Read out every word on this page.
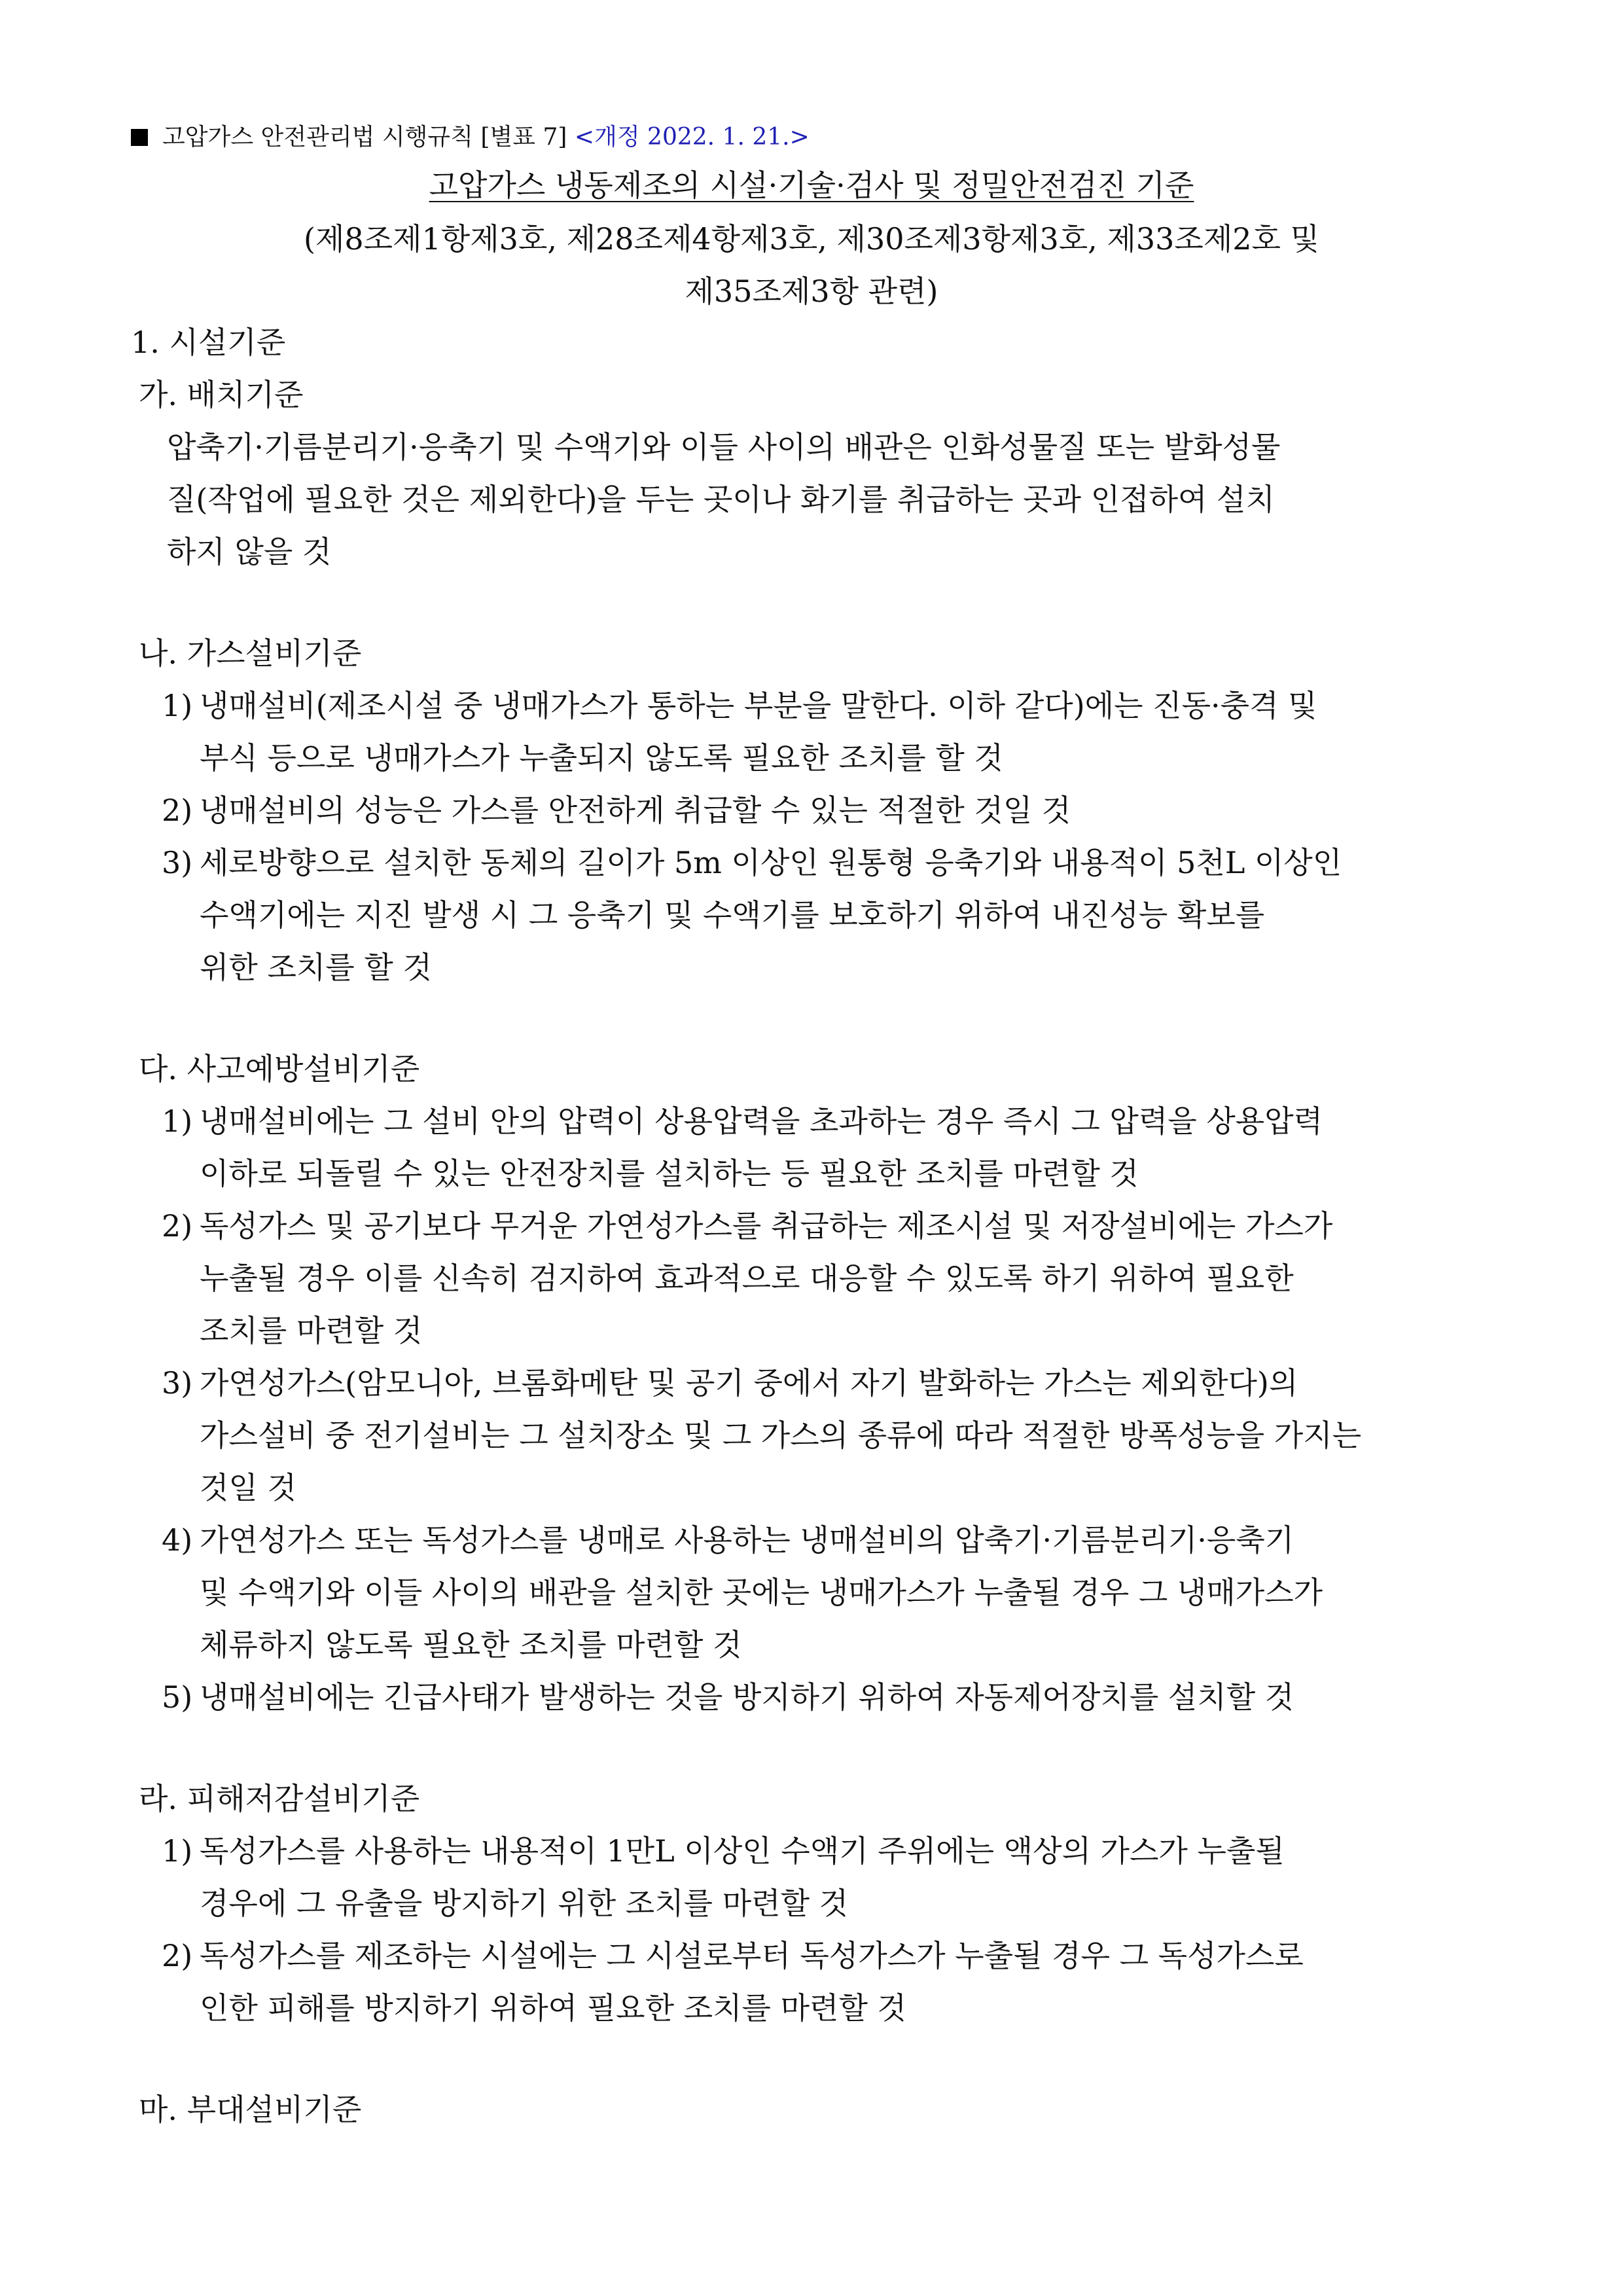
고압가스 안전관리법 시행규칙 [별표 7] <개정 2022. 1. 21.>
고압가스 냉동제조의 시설·기술·검사 및 정밀안전검진 기준
(제8조제1항제3호, 제28조제4항제3호, 제30조제3항제3호, 제33조제2호 및
제35조제3항 관련)
1. 시설기준
가. 배치기준
압축기·기름분리기·응축기 및 수액기와 이들 사이의 배관은 인화성물질 또는 발화성물
질(작업에 필요한 것은 제외한다)을 두는 곳이나 화기를 취급하는 곳과 인접하여 설치
하지 않을 것
나. 가스설비기준
1) 냉매설비(제조시설 중 냉매가스가 통하는 부분을 말한다. 이하 같다)에는 진동·충격 및
부식 등으로 냉매가스가 누출되지 않도록 필요한 조치를 할 것
2) 냉매설비의 성능은 가스를 안전하게 취급할 수 있는 적절한 것일 것
3) 세로방향으로 설치한 동체의 길이가 5m 이상인 원통형 응축기와 내용적이 5천L 이상인
수액기에는 지진 발생 시 그 응축기 및 수액기를 보호하기 위하여 내진성능 확보를
위한 조치를 할 것
다. 사고예방설비기준
1) 냉매설비에는 그 설비 안의 압력이 상용압력을 초과하는 경우 즉시 그 압력을 상용압력
이하로 되돌릴 수 있는 안전장치를 설치하는 등 필요한 조치를 마련할 것
2) 독성가스 및 공기보다 무거운 가연성가스를 취급하는 제조시설 및 저장설비에는 가스가
누출될 경우 이를 신속히 검지하여 효과적으로 대응할 수 있도록 하기 위하여 필요한
조치를 마련할 것
3) 가연성가스(암모니아, 브롬화메탄 및 공기 중에서 자기 발화하는 가스는 제외한다)의
가스설비 중 전기설비는 그 설치장소 및 그 가스의 종류에 따라 적절한 방폭성능을 가지는
것일 것
4) 가연성가스 또는 독성가스를 냉매로 사용하는 냉매설비의 압축기·기름분리기·응축기
및 수액기와 이들 사이의 배관을 설치한 곳에는 냉매가스가 누출될 경우 그 냉매가스가
체류하지 않도록 필요한 조치를 마련할 것
5) 냉매설비에는 긴급사태가 발생하는 것을 방지하기 위하여 자동제어장치를 설치할 것
라. 피해저감설비기준
1) 독성가스를 사용하는 내용적이 1만L 이상인 수액기 주위에는 액상의 가스가 누출될
경우에 그 유출을 방지하기 위한 조치를 마련할 것
2) 독성가스를 제조하는 시설에는 그 시설로부터 독성가스가 누출될 경우 그 독성가스로
인한 피해를 방지하기 위하여 필요한 조치를 마련할 것
마. 부대설비기준
